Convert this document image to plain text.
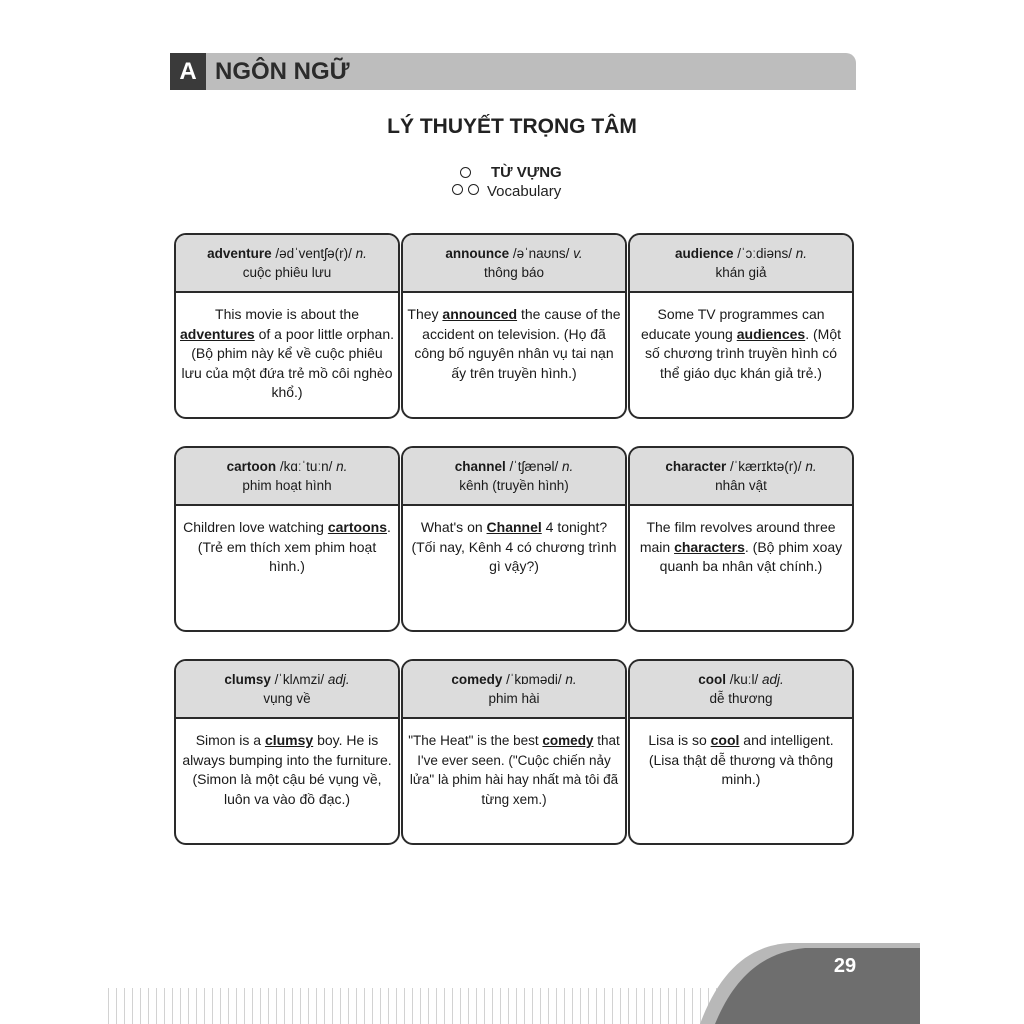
A NGÔN NGỮ
LÝ THUYẾT TRỌNG TÂM
TỪ VỰNG
Vocabulary
adventure /ədˈventʃə(r)/ n.
cuộc phiêu lưu
This movie is about the adventures of a poor little orphan. (Bộ phim này kể về cuộc phiêu lưu của một đứa trẻ mồ côi nghèo khổ.)
announce /əˈnaʊns/ v.
thông báo
They announced the cause of the accident on television. (Họ đã công bố nguyên nhân vụ tai nạn ấy trên truyền hình.)
audience /ˈɔːdiəns/ n.
khán giả
Some TV programmes can educate young audiences. (Một số chương trình truyền hình có thể giáo dục khán giả trẻ.)
cartoon /kɑːˈtuːn/ n.
phim hoạt hình
Children love watching cartoons. (Trẻ em thích xem phim hoạt hình.)
channel /ˈtʃænəl/ n.
kênh (truyền hình)
What's on Channel 4 tonight? (Tối nay, Kênh 4 có chương trình gì vậy?)
character /ˈkærɪktə(r)/ n.
nhân vật
The film revolves around three main characters. (Bộ phim xoay quanh ba nhân vật chính.)
clumsy /ˈklʌmzi/ adj.
vụng về
Simon is a clumsy boy. He is always bumping into the furniture. (Simon là một cậu bé vụng về, luôn va vào đồ đạc.)
comedy /ˈkɒmədi/ n.
phim hài
"The Heat" is the best comedy that I've ever seen. ("Cuộc chiến nảy lửa" là phim hài hay nhất mà tôi đã từng xem.)
cool /kuːl/ adj.
dễ thương
Lisa is so cool and intelligent. (Lisa thật dễ thương và thông minh.)
29
